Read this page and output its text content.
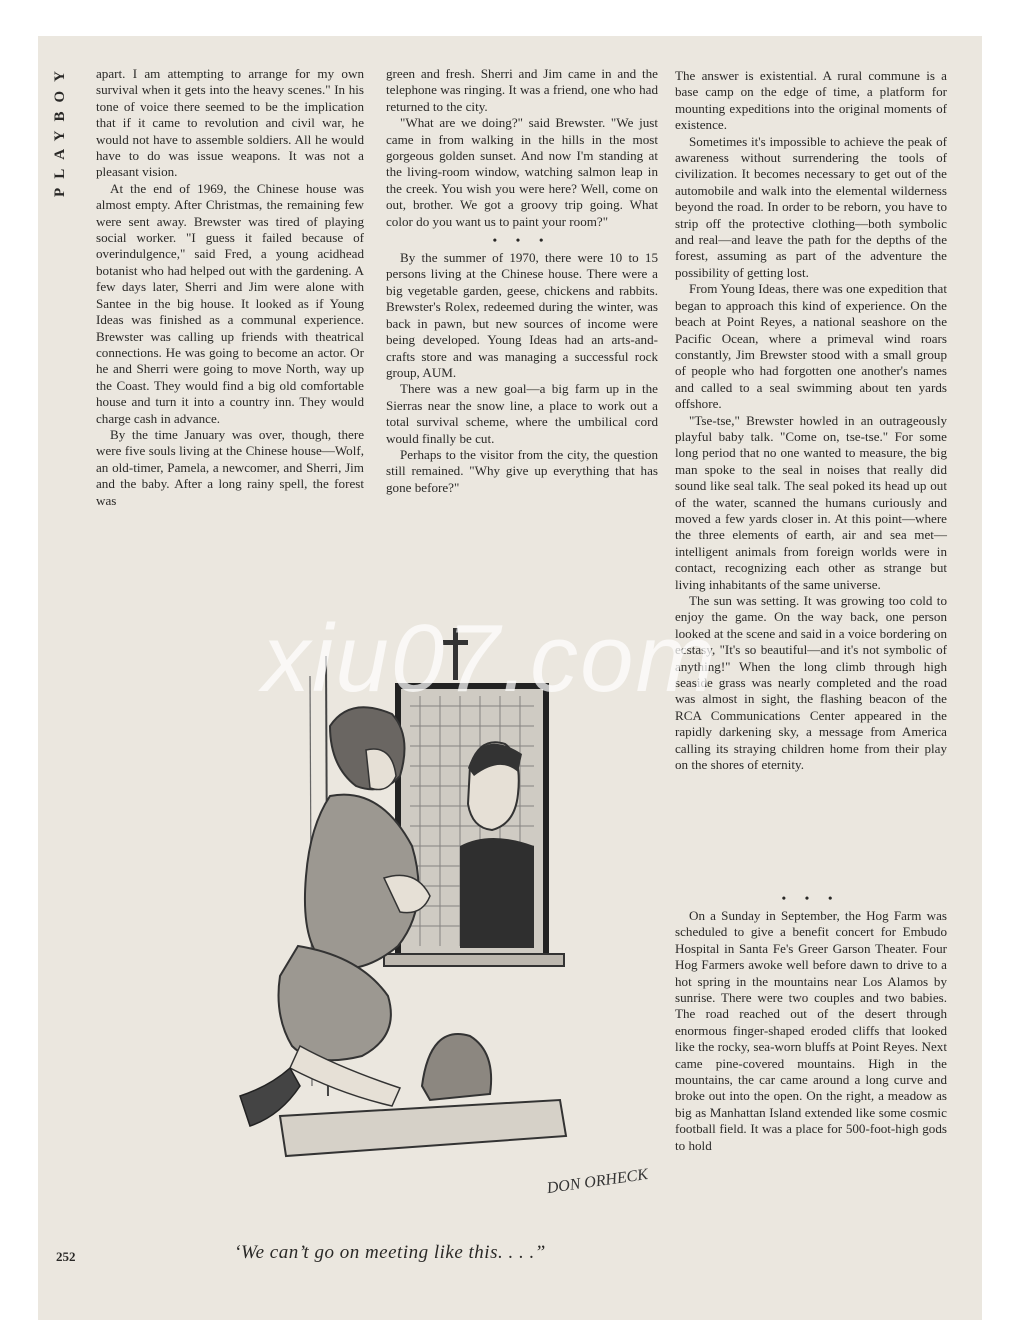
PLAYBOY apart. I am attempting to arrange for my own survival when it gets into the heavy scenes." In his tone of voice there seemed to be the implication that if it came to revolution and civil war, he would not have to assemble soldiers. All he would have to do was issue weapons. It was not a pleasant vision.

At the end of 1969, the Chinese house was almost empty. After Christmas, the remaining few were sent away. Brewster was tired of playing social worker. "I guess it failed because of overindulgence," said Fred, a young acidhead botanist who had helped out with the gardening. A few days later, Sherri and Jim were alone with Santee in the big house. It looked as if Young Ideas was finished as a communal experience. Brewster was calling up friends with theatrical connections. He was going to become an actor. Or he and Sherri were going to move North, way up the Coast. They would find a big old comfortable house and turn it into a country inn. They would charge cash in advance.

By the time January was over, though, there were five souls living at the Chinese house—Wolf, an old-timer, Pamela, a newcomer, and Sherri, Jim and the baby. After a long rainy spell, the forest was

green and fresh. Sherri and Jim came in and the telephone was ringing. It was a friend, one who had returned to the city.

"What are we doing?" said Brewster. "We just came in from walking in the hills in the most gorgeous golden sunset. And now I'm standing at the living-room window, watching salmon leap in the creek. You wish you were here? Well, come on out, brother. We got a groovy trip going. What color do you want us to paint your room?"

• • •

By the summer of 1970, there were 10 to 15 persons living at the Chinese house. There were a big vegetable garden, geese, chickens and rabbits. Brewster's Rolex, redeemed during the winter, was back in pawn, but new sources of income were being developed. Young Ideas had an arts-and-crafts store and was managing a successful rock group, AUM.

There was a new goal—a big farm up in the Sierras near the snow line, a place to work out a total survival scheme, where the umbilical cord would finally be cut.

Perhaps to the visitor from the city, the question still remained. "Why give up everything that has gone before?"

The answer is existential. A rural commune is a base camp on the edge of time, a platform for mounting expeditions into the original moments of existence.

Sometimes it's impossible to achieve the peak of awareness without surrendering the tools of civilization. It becomes necessary to get out of the automobile and walk into the elemental wilderness beyond the road. In order to be reborn, you have to strip off the protective clothing—both symbolic and real—and leave the path for the depths of the forest, assuming as part of the adventure the possibility of getting lost.

From Young Ideas, there was one expedition that began to approach this kind of experience. On the beach at Point Reyes, a national seashore on the Pacific Ocean, where a primeval wind roars constantly, Jim Brewster stood with a small group of people who had forgotten one another's names and called to a seal swimming about ten yards offshore.

"Tse-tse," Brewster howled in an outrageously playful baby talk. "Come on, tse-tse." For some long period that no one wanted to measure, the big man spoke to the seal in noises that really did sound like seal talk. The seal poked its head up out of the water, scanned the humans curiously and moved a few yards closer in. At this point—where the three elements of earth, air and sea met—intelligent animals from foreign worlds were in contact, recognizing each other as strange but living inhabitants of the same universe.

The sun was setting. It was growing too cold to enjoy the game. On the way back, one person looked at the scene and said in a voice bordering on ecstasy, "It's so beautiful—and it's not symbolic of anything!" When the long climb through high seaside grass was nearly completed and the road was almost in sight, the flashing beacon of the RCA Communications Center appeared in the rapidly darkening sky, a message from America calling its straying children home from their play on the shores of eternity.

• • •

On a Sunday in September, the Hog Farm was scheduled to give a benefit concert for Embudo Hospital in Santa Fe's Greer Garson Theater. Four Hog Farmers awoke well before dawn to drive to a hot spring in the mountains near Los Alamos by sunrise. There were two couples and two babies. The road reached out of the desert through enormous finger-shaped eroded cliffs that looked like the rocky, sea-worn bluffs at Point Reyes. Next came pine-covered mountains. High in the mountains, the car came around a long curve and broke out into the open. On the right, a meadow as big as Manhattan Island extended like some cosmic football field. It was a place for 500-foot-high gods to hold

DON ORHECK
‘We can’t go on meeting like this. . . .”
252
xiu07.com
